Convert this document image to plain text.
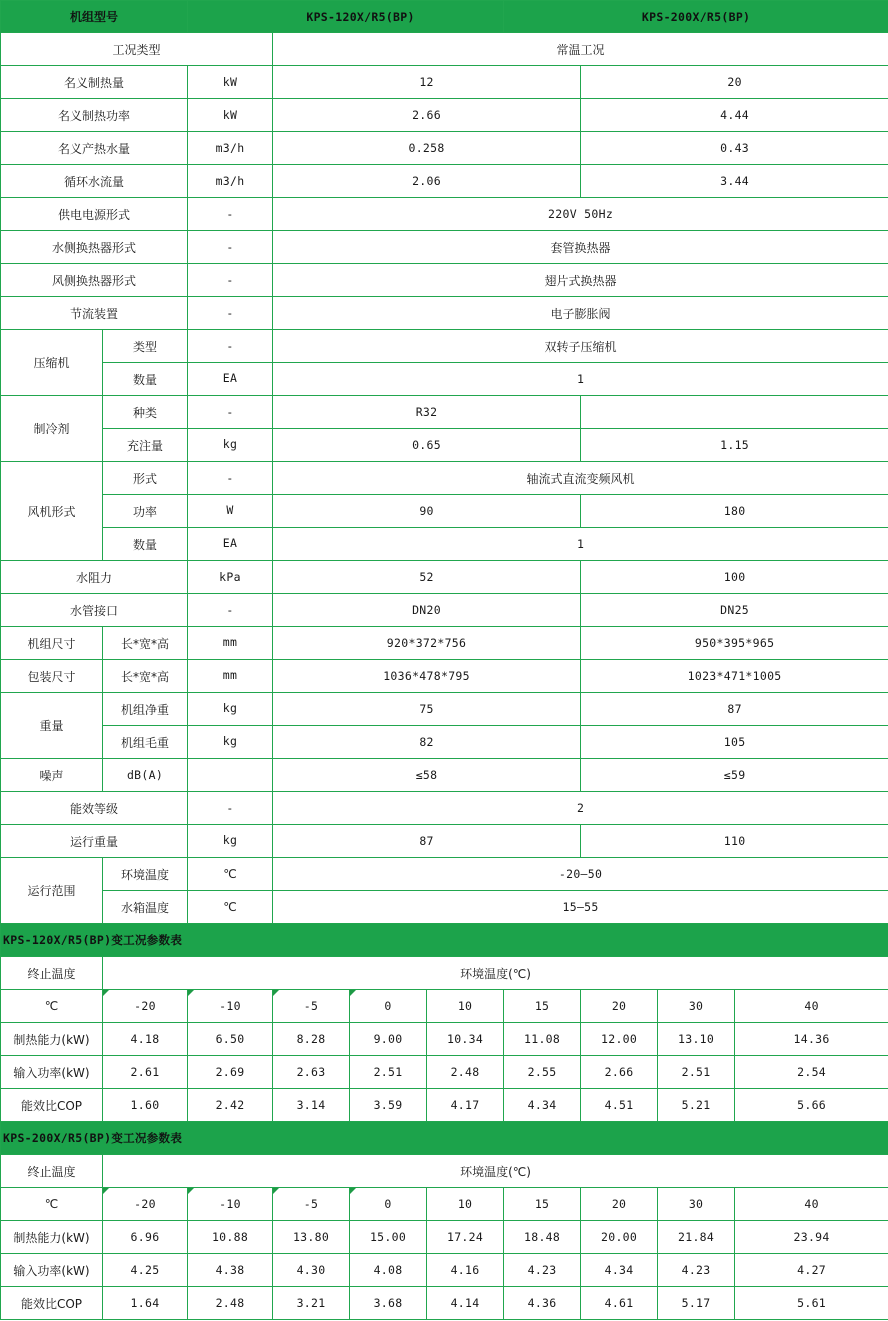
机组型号		KPS-120X/R5(BP)				KPS-200X/R5(BP)				
工况类型			常温工况							
名义制热量		kW	12				20			
名义制热功率		kW	2.66				4.44			
名义产热水量		m3/h	0.258				0.43			
循环水流量		m3/h	2.06				3.44			
供电电源形式		-	220V 50Hz							
水侧换热器形式		-	套管换热器							
风侧换热器形式		-	翅片式换热器							
节流装置		-	电子膨胀阀							
压缩机	类型	-	双转子压缩机							
	数量	EA	1							
制冷剂	种类	-	R32							
	充注量	kg	0.65				1.15			
风机形式	形式	-	轴流式直流变频风机							
	功率	W	90				180			
	数量	EA	1							
水阻力		kPa	52				100			
水管接口		-	DN20				DN25			
机组尺寸	长*宽*高	mm	920*372*756				950*395*965			
包装尺寸	长*宽*高	mm	1036*478*795				1023*471*1005			
重量	机组净重	kg	75				87			
	机组毛重	kg	82				105			
噪声	dB(A)		≤58				≤59			
能效等级		-	2							
运行重量		kg	87				110			
运行范围	环境温度	℃	-20—50							
	水箱温度	℃	15—55							
KPS-120X/R5(BP)变工况参数表										
终止温度	环境温度(℃)									
℃	-20	-10	-5	0	10	15	20	30	40	
制热能力(kW)	4.18	6.50	8.28	9.00	10.34	11.08	12.00	13.10	14.36	
输入功率(kW)	2.61	2.69	2.63	2.51	2.48	2.55	2.66	2.51	2.54	
能效比COP	1.60	2.42	3.14	3.59	4.17	4.34	4.51	5.21	5.66	
KPS-200X/R5(BP)变工况参数表										
终止温度	环境温度(℃)									
℃	-20	-10	-5	0	10	15	20	30	40	
制热能力(kW)	6.96	10.88	13.80	15.00	17.24	18.48	20.00	21.84	23.94	
输入功率(kW)	4.25	4.38	4.30	4.08	4.16	4.23	4.34	4.23	4.27	
能效比COP	1.64	2.48	3.21	3.68	4.14	4.36	4.61	5.17	5.61	
